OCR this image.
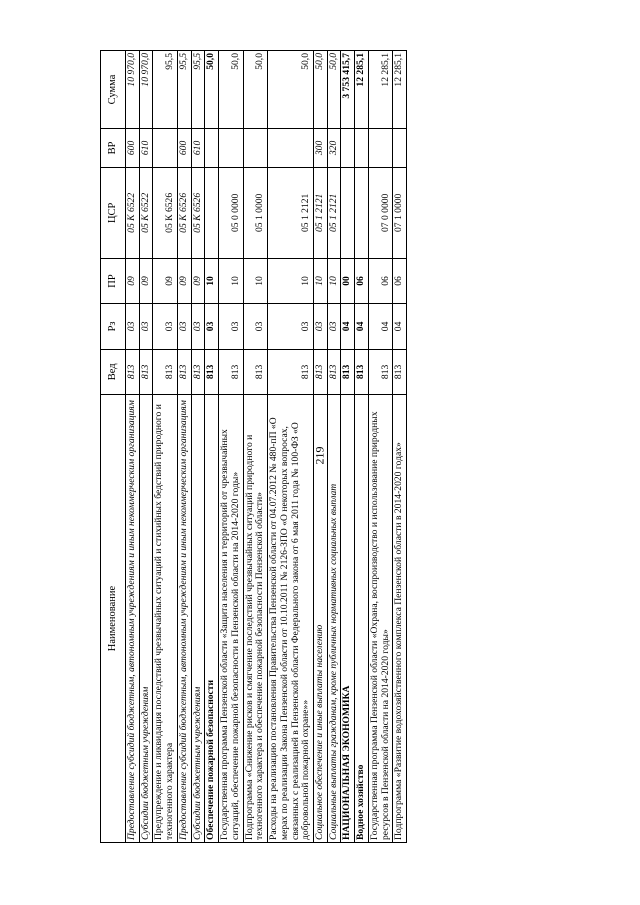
219
Наименование	Вед	Рз	ПР	ЦСР	ВР	Сумма
Предоставление субсидий бюджетным, автономным учреждениям и иным некоммерческим организациям	813	03	09	05 К 6522	600	10 970,0
Субсидии бюджетным учреждениям	813	03	09	05 К 6522	610	10 970,0
Предупреждение и ликвидация последствий чрезвычайных ситуаций и стихийных бедствий природного и техногенного характера	813	03	09	05 К 6526		95,5
Предоставление субсидий бюджетным, автономным учреждениям и иным некоммерческим организациям	813	03	09	05 К 6526	600	95,5
Субсидии бюджетным учреждениям	813	03	09	05 К 6526	610	95,5
Обеспечение пожарной безопасности	813	03	10			50,0
Государственная программа Пензенской области «Защита населения и территорий от чрезвычайных ситуаций, обеспечение пожарной безопасности в Пензенской области на 2014-2020 годы»	813	03	10	05 0 0000		50,0
Подпрограмма «Снижение рисков и смягчение последствий чрезвычайных ситуаций природного и техногенного характера и обеспечение пожарной безопасности Пензенской области»	813	03	10	05 1 0000		50,0
Расходы на реализацию постановления Правительства Пензенской области от 04.07.2012 № 480-пП «О мерах по реализации Закона Пензенской области от 10.10.2011 № 2126-ЗПО «О некоторых вопросах, связанных с реализацией в Пензенской области Федерального закона от 6 мая 2011 года № 100-ФЗ «О добровольной пожарной охране»»	813	03	10	05 1 2121		50,0
Социальное обеспечение и иные выплаты населению	813	03	10	05 1 2121	300	50,0
Социальные выплаты гражданам, кроме публичных нормативных социальных выплат	813	03	10	05 1 2121	320	50,0
НАЦИОНАЛЬНАЯ ЭКОНОМИКА	813	04	00			3 753 415,7
Водное хозяйство	813	04	06			12 285,1
Государственная программа Пензенской области «Охрана, воспроизводство и использование природных ресурсов в Пензенской области на 2014-2020 годы»	813	04	06	07 0 0000		12 285,1
Подпрограмма «Развитие водохозяйственного комплекса Пензенской области в 2014-2020 годах»	813	04	06	07 1 0000		12 285,1
